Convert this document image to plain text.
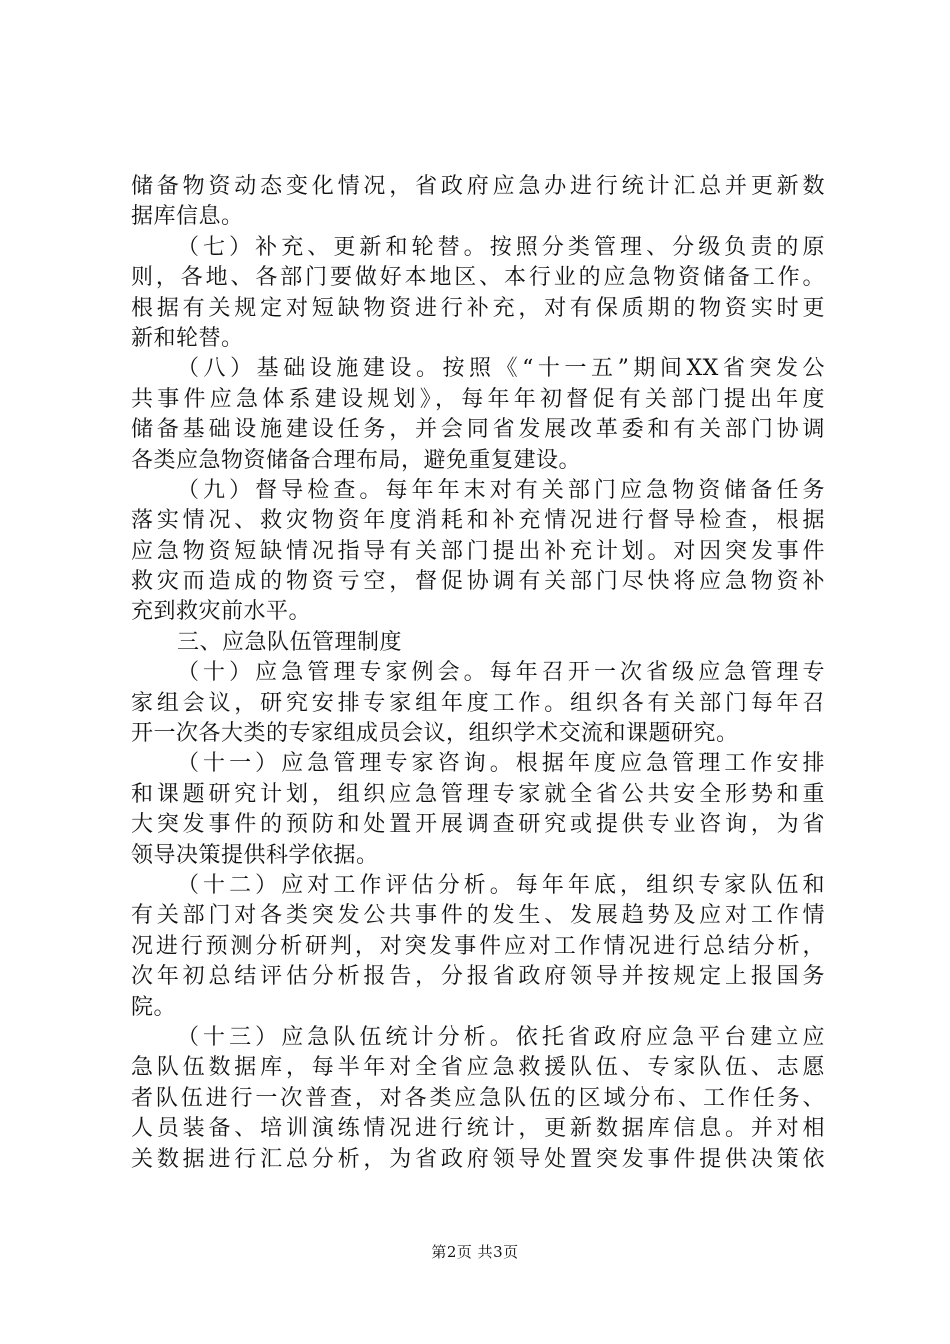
储备物资动态变化情况，省政府应急办进行统计汇总并更新数
据库信息。
（七）补充、更新和轮替。按照分类管理、分级负责的原
则，各地、各部门要做好本地区、本行业的应急物资储备工作。
根据有关规定对短缺物资进行补充，对有保质期的物资实时更
新和轮替。
（八）基础设施建设。按照《“十一五”期间XX省突发公
共事件应急体系建设规划》，每年年初督促有关部门提出年度
储备基础设施建设任务，并会同省发展改革委和有关部门协调
各类应急物资储备合理布局，避免重复建设。
（九）督导检查。每年年末对有关部门应急物资储备任务
落实情况、救灾物资年度消耗和补充情况进行督导检查，根据
应急物资短缺情况指导有关部门提出补充计划。对因突发事件
救灾而造成的物资亏空，督促协调有关部门尽快将应急物资补
充到救灾前水平。
三、应急队伍管理制度
（十）应急管理专家例会。每年召开一次省级应急管理专
家组会议，研究安排专家组年度工作。组织各有关部门每年召
开一次各大类的专家组成员会议，组织学术交流和课题研究。
（十一）应急管理专家咨询。根据年度应急管理工作安排
和课题研究计划，组织应急管理专家就全省公共安全形势和重
大突发事件的预防和处置开展调查研究或提供专业咨询，为省
领导决策提供科学依据。
（十二）应对工作评估分析。每年年底，组织专家队伍和
有关部门对各类突发公共事件的发生、发展趋势及应对工作情
况进行预测分析研判，对突发事件应对工作情况进行总结分析，
次年初总结评估分析报告，分报省政府领导并按规定上报国务
院。
（十三）应急队伍统计分析。依托省政府应急平台建立应
急队伍数据库，每半年对全省应急救援队伍、专家队伍、志愿
者队伍进行一次普查，对各类应急队伍的区域分布、工作任务、
人员装备、培训演练情况进行统计，更新数据库信息。并对相
关数据进行汇总分析，为省政府领导处置突发事件提供决策依
第2页 共3页
